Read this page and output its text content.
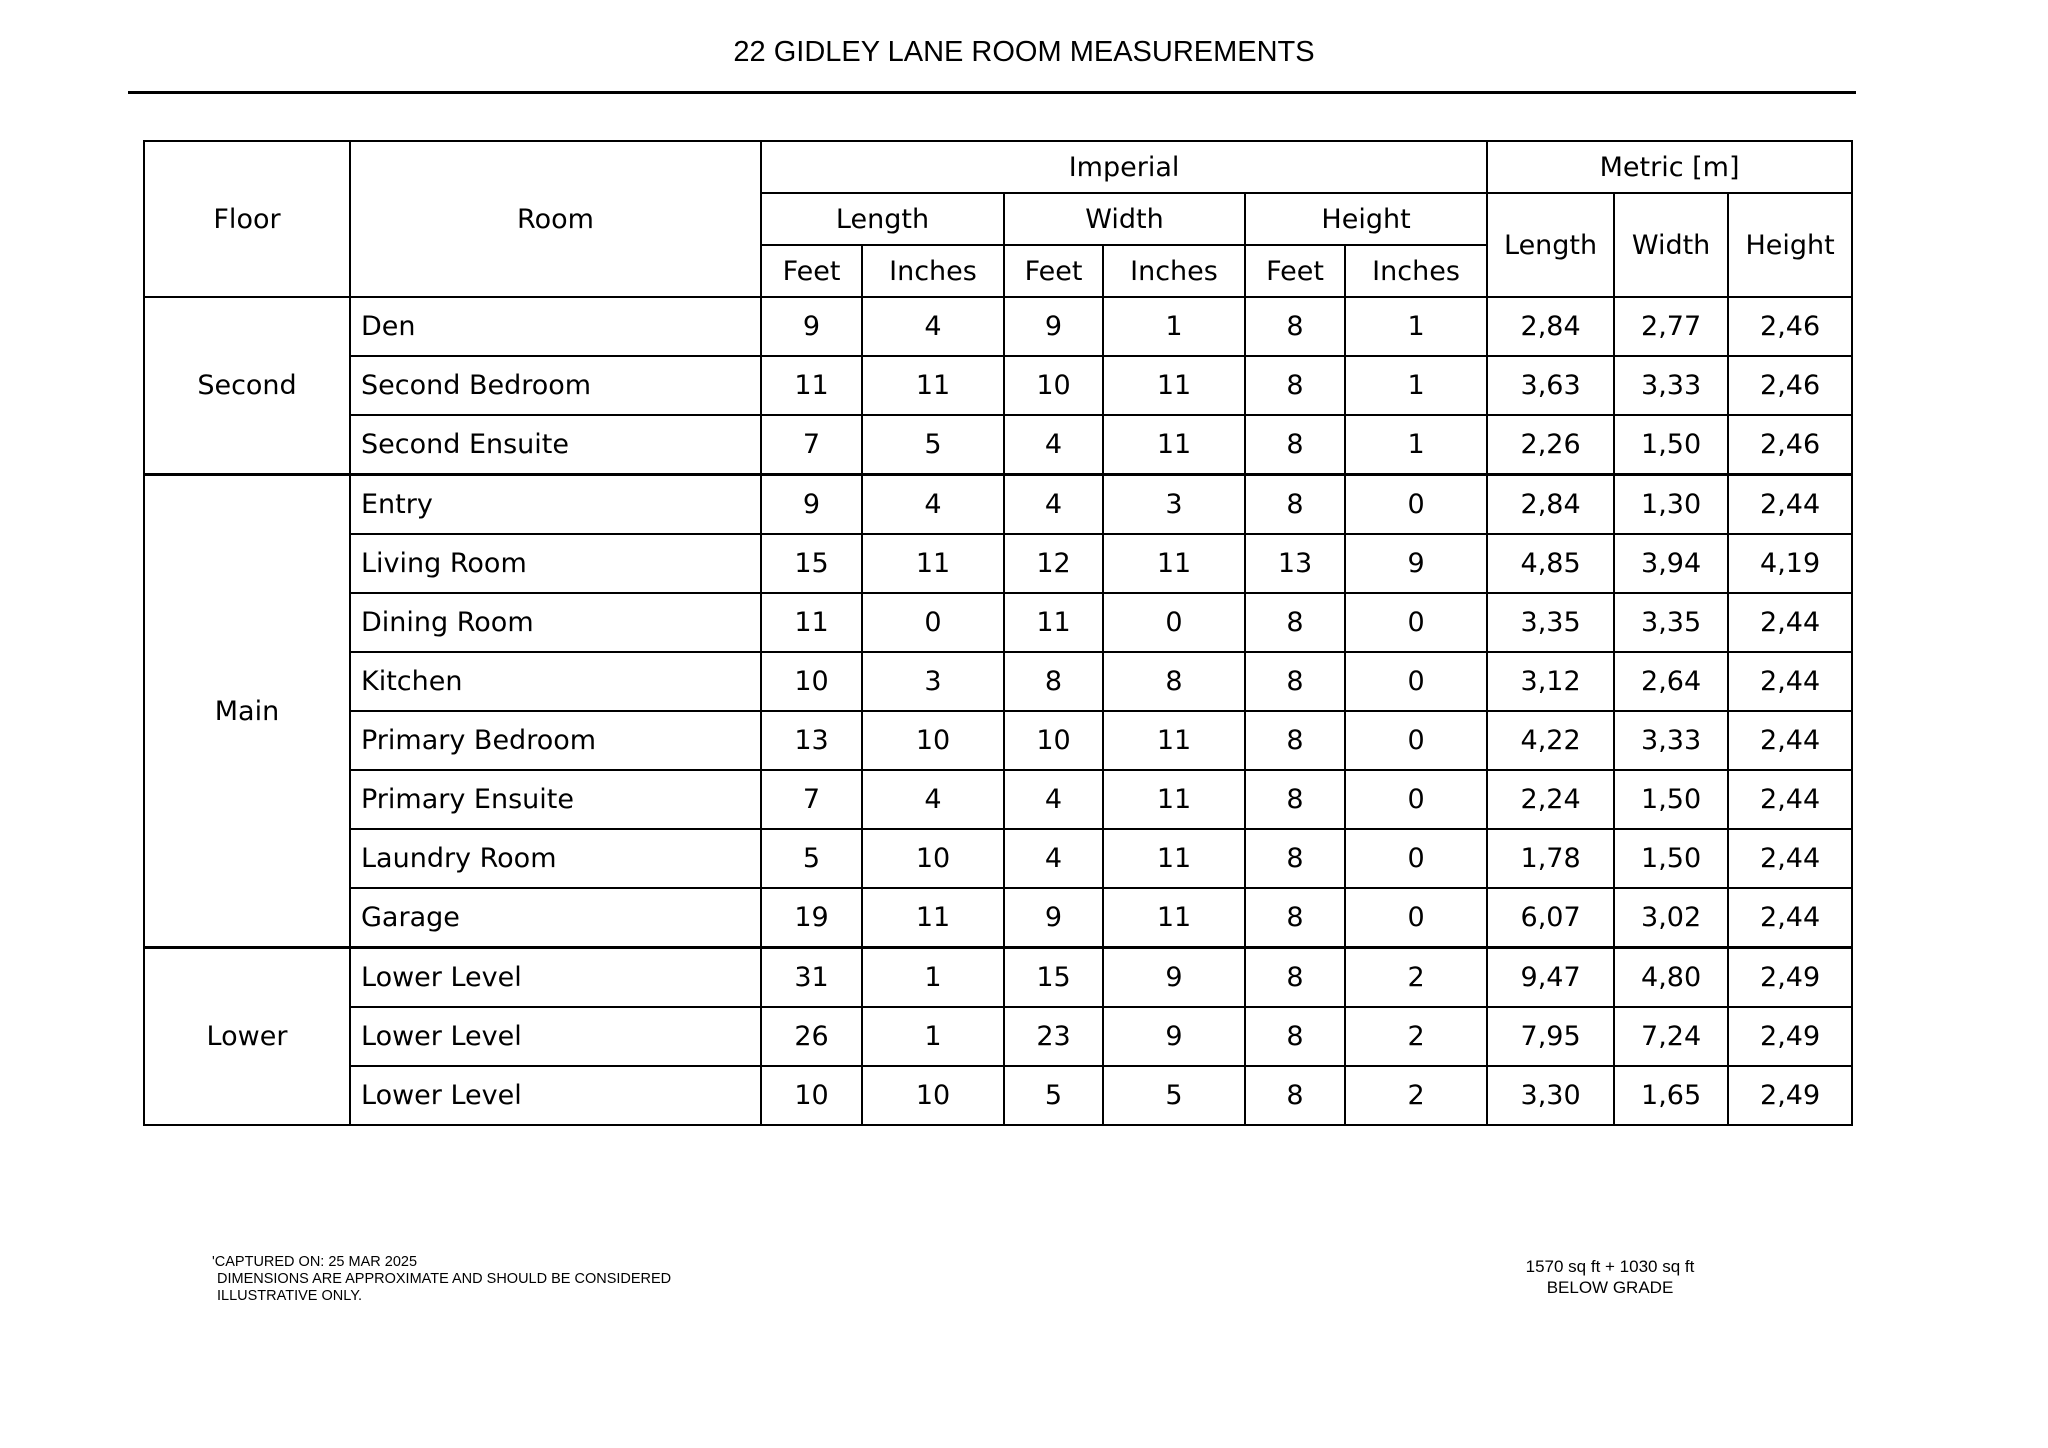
22 GIDLEY LANE ROOM MEASUREMENTS
Floor	Room	Imperial						Metric [m]		
		Length		Width		Height		Length	Width	Height
		Feet	Inches	Feet	Inches	Feet	Inches			
Second	Den	9	4	9	1	8	1	2,84	2,77	2,46
	Second Bedroom	11	11	10	11	8	1	3,63	3,33	2,46
	Second Ensuite	7	5	4	11	8	1	2,26	1,50	2,46
Main	Entry	9	4	4	3	8	0	2,84	1,30	2,44
	Living Room	15	11	12	11	13	9	4,85	3,94	4,19
	Dining Room	11	0	11	0	8	0	3,35	3,35	2,44
	Kitchen	10	3	8	8	8	0	3,12	2,64	2,44
	Primary Bedroom	13	10	10	11	8	0	4,22	3,33	2,44
	Primary Ensuite	7	4	4	11	8	0	2,24	1,50	2,44
	Laundry Room	5	10	4	11	8	0	1,78	1,50	2,44
	Garage	19	11	9	11	8	0	6,07	3,02	2,44
Lower	Lower Level	31	1	15	9	8	2	9,47	4,80	2,49
	Lower Level	26	1	23	9	8	2	7,95	7,24	2,49
	Lower Level	10	10	5	5	8	2	3,30	1,65	2,49
'CAPTURED ON: 25 MAR 2025
DIMENSIONS ARE APPROXIMATE AND SHOULD BE CONSIDERED
ILLUSTRATIVE ONLY.
1570 sq ft + 1030 sq ft
BELOW GRADE
